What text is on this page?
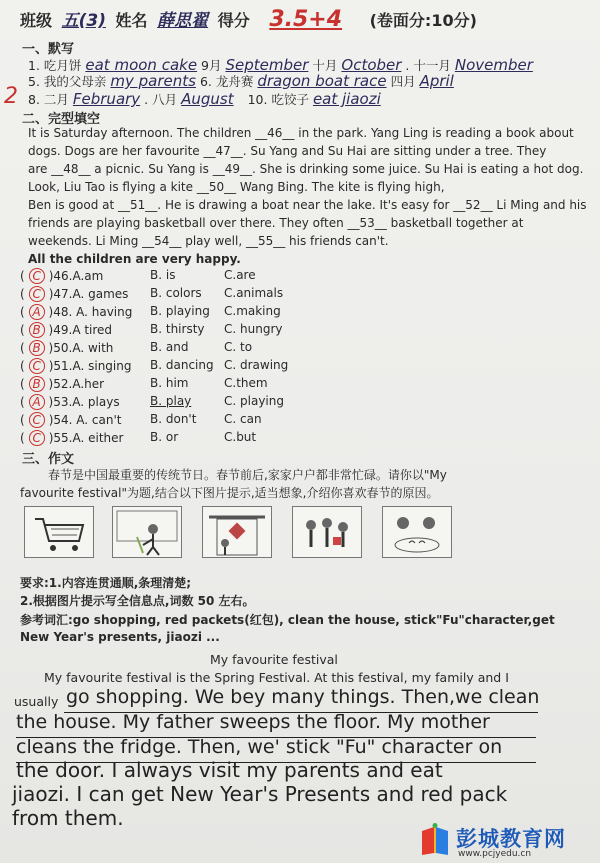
班级 五(3) 姓名 薛思翟 得分 3.5+4 (卷面分:10分)
一、默写
1. 吃月饼 eat moon cake 9月 September 十月 October . 十一月 November
5. 我的父母亲 my parents 6. 龙舟赛 dragon boat race 四月 April
8. 二月 February . 八月 August 10. 吃饺子 eat jiaozi
2
二、完型填空
It is Saturday afternoon. The children __46__ in the park. Yang Ling is reading a book about
dogs. Dogs are her favourite __47__. Su Yang and Su Hai are sitting under a tree. They
are __48__ a picnic. Su Yang is __49__. She is drinking some juice. Su Hai is eating a hot dog.
Look, Liu Tao is flying a kite __50__ Wang Bing. The kite is flying high,
Ben is good at __51__. He is drawing a boat near the lake. It's easy for __52__ Li Ming and his
friends are playing basketball over there. They often __53__ basketball together at
weekends. Li Ming __54__ play well, __55__ his friends can't.
All the children are very happy.
( C )46.A.am	B. is	C.are
( C )47.A. games B. colors C.animals
( A )48. A. having B. playing C.making
( B )49.A tired	B. thirsty C. hungry
( B )50.A. with	B. and	C. to
( C )51.A. singing B. dancing C. drawing
( B )52.A.her	B. him	C.them
( A )53.A. plays	B. play	C. playing
( C )54. A. can't B. don't C. can
( C )55.A. either B. or	C.but
三、作文
春节是中国最重要的传统节日。春节前后,家家户户都非常忙碌。请你以"My
favourite festival"为题,结合以下图片提示,适当想象,介绍你喜欢春节的原因。
要求:1.内容连贯通顺,条理清楚;
2.根据图片提示写全信息点,词数 50 左右。
参考词汇:go shopping, red packets(红包), clean the house, stick"Fu"character,get
New Year's presents, jiaozi ...
My favourite festival
My favourite festival is the Spring Festival. At this festival, my family and I
usually go shopping. We bey many things. Then,we clean
the house. My father sweeps the floor. My mother
cleans the fridge. Then, we' stick "Fu" character on
the door. I always visit my parents and eat
jiaozi. I can get New Year's Presents and red pack
from them.
彭城教育网
www.pcjyedu.cn
